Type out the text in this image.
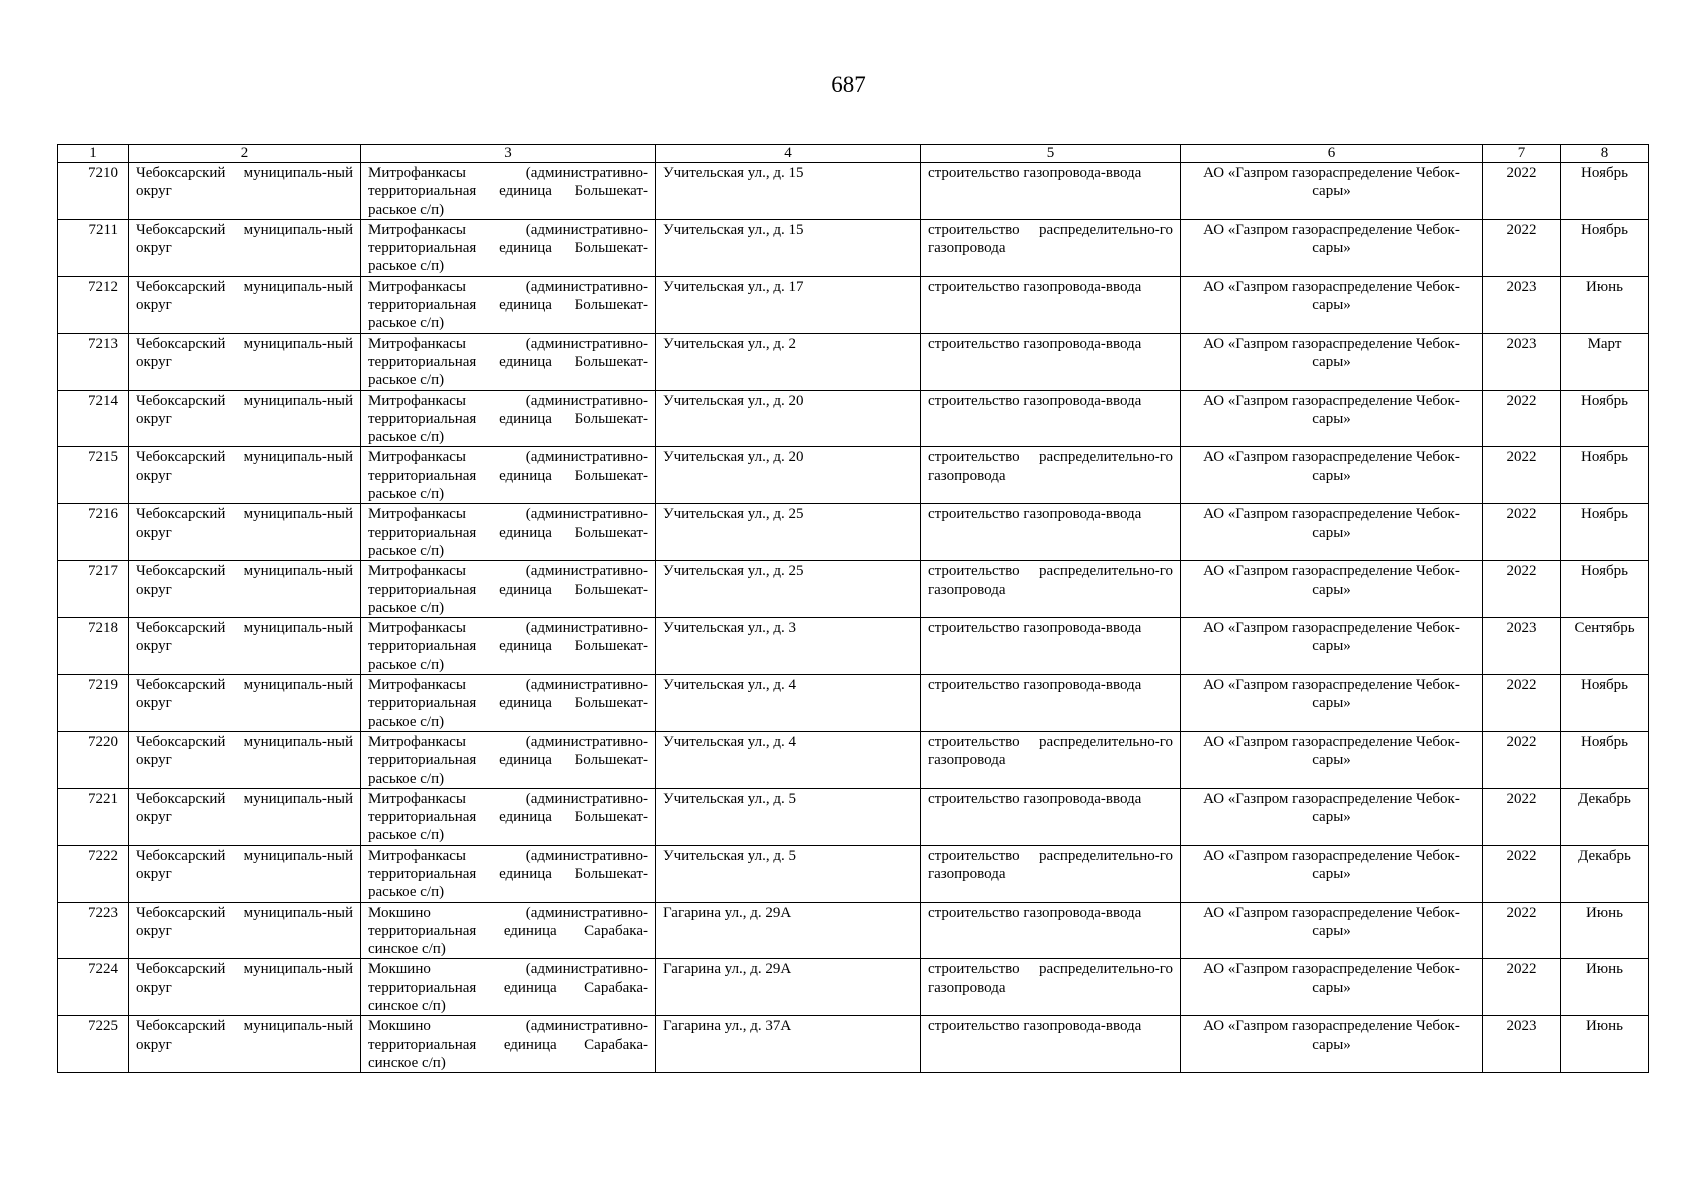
687
1	2	3	4	5	6	7	8
7210	Чебоксарский муниципаль-ный округ	Митрофанкасы (административно-территориальная единица Большекат-раськое с/п)	Учительская ул., д. 15	строительство газопровода-ввода	АО «Газпром газораспределение Чебок-сары»	2022	Ноябрь
7211	Чебоксарский муниципаль-ный округ	Митрофанкасы (административно-территориальная единица Большекат-раськое с/п)	Учительская ул., д. 15	строительство распределительно-го газопровода	АО «Газпром газораспределение Чебок-сары»	2022	Ноябрь
7212	Чебоксарский муниципаль-ный округ	Митрофанкасы (административно-территориальная единица Большекат-раськое с/п)	Учительская ул., д. 17	строительство газопровода-ввода	АО «Газпром газораспределение Чебок-сары»	2023	Июнь
7213	Чебоксарский муниципаль-ный округ	Митрофанкасы (административно-территориальная единица Большекат-раськое с/п)	Учительская ул., д. 2	строительство газопровода-ввода	АО «Газпром газораспределение Чебок-сары»	2023	Март
7214	Чебоксарский муниципаль-ный округ	Митрофанкасы (административно-территориальная единица Большекат-раськое с/п)	Учительская ул., д. 20	строительство газопровода-ввода	АО «Газпром газораспределение Чебок-сары»	2022	Ноябрь
7215	Чебоксарский муниципаль-ный округ	Митрофанкасы (административно-территориальная единица Большекат-раськое с/п)	Учительская ул., д. 20	строительство распределительно-го газопровода	АО «Газпром газораспределение Чебок-сары»	2022	Ноябрь
7216	Чебоксарский муниципаль-ный округ	Митрофанкасы (административно-территориальная единица Большекат-раськое с/п)	Учительская ул., д. 25	строительство газопровода-ввода	АО «Газпром газораспределение Чебок-сары»	2022	Ноябрь
7217	Чебоксарский муниципаль-ный округ	Митрофанкасы (административно-территориальная единица Большекат-раськое с/п)	Учительская ул., д. 25	строительство распределительно-го газопровода	АО «Газпром газораспределение Чебок-сары»	2022	Ноябрь
7218	Чебоксарский муниципаль-ный округ	Митрофанкасы (административно-территориальная единица Большекат-раськое с/п)	Учительская ул., д. 3	строительство газопровода-ввода	АО «Газпром газораспределение Чебок-сары»	2023	Сентябрь
7219	Чебоксарский муниципаль-ный округ	Митрофанкасы (административно-территориальная единица Большекат-раськое с/п)	Учительская ул., д. 4	строительство газопровода-ввода	АО «Газпром газораспределение Чебок-сары»	2022	Ноябрь
7220	Чебоксарский муниципаль-ный округ	Митрофанкасы (административно-территориальная единица Большекат-раськое с/п)	Учительская ул., д. 4	строительство распределительно-го газопровода	АО «Газпром газораспределение Чебок-сары»	2022	Ноябрь
7221	Чебоксарский муниципаль-ный округ	Митрофанкасы (административно-территориальная единица Большекат-раськое с/п)	Учительская ул., д. 5	строительство газопровода-ввода	АО «Газпром газораспределение Чебок-сары»	2022	Декабрь
7222	Чебоксарский муниципаль-ный округ	Митрофанкасы (административно-территориальная единица Большекат-раськое с/п)	Учительская ул., д. 5	строительство распределительно-го газопровода	АО «Газпром газораспределение Чебок-сары»	2022	Декабрь
7223	Чебоксарский муниципаль-ный округ	Мокшино (административно-территориальная единица Сарабака-синское с/п)	Гагарина ул., д. 29А	строительство газопровода-ввода	АО «Газпром газораспределение Чебок-сары»	2022	Июнь
7224	Чебоксарский муниципаль-ный округ	Мокшино (административно-территориальная единица Сарабака-синское с/п)	Гагарина ул., д. 29А	строительство распределительно-го газопровода	АО «Газпром газораспределение Чебок-сары»	2022	Июнь
7225	Чебоксарский муниципаль-ный округ	Мокшино (административно-территориальная единица Сарабака-синское с/п)	Гагарина ул., д. 37А	строительство газопровода-ввода	АО «Газпром газораспределение Чебок-сары»	2023	Июнь
